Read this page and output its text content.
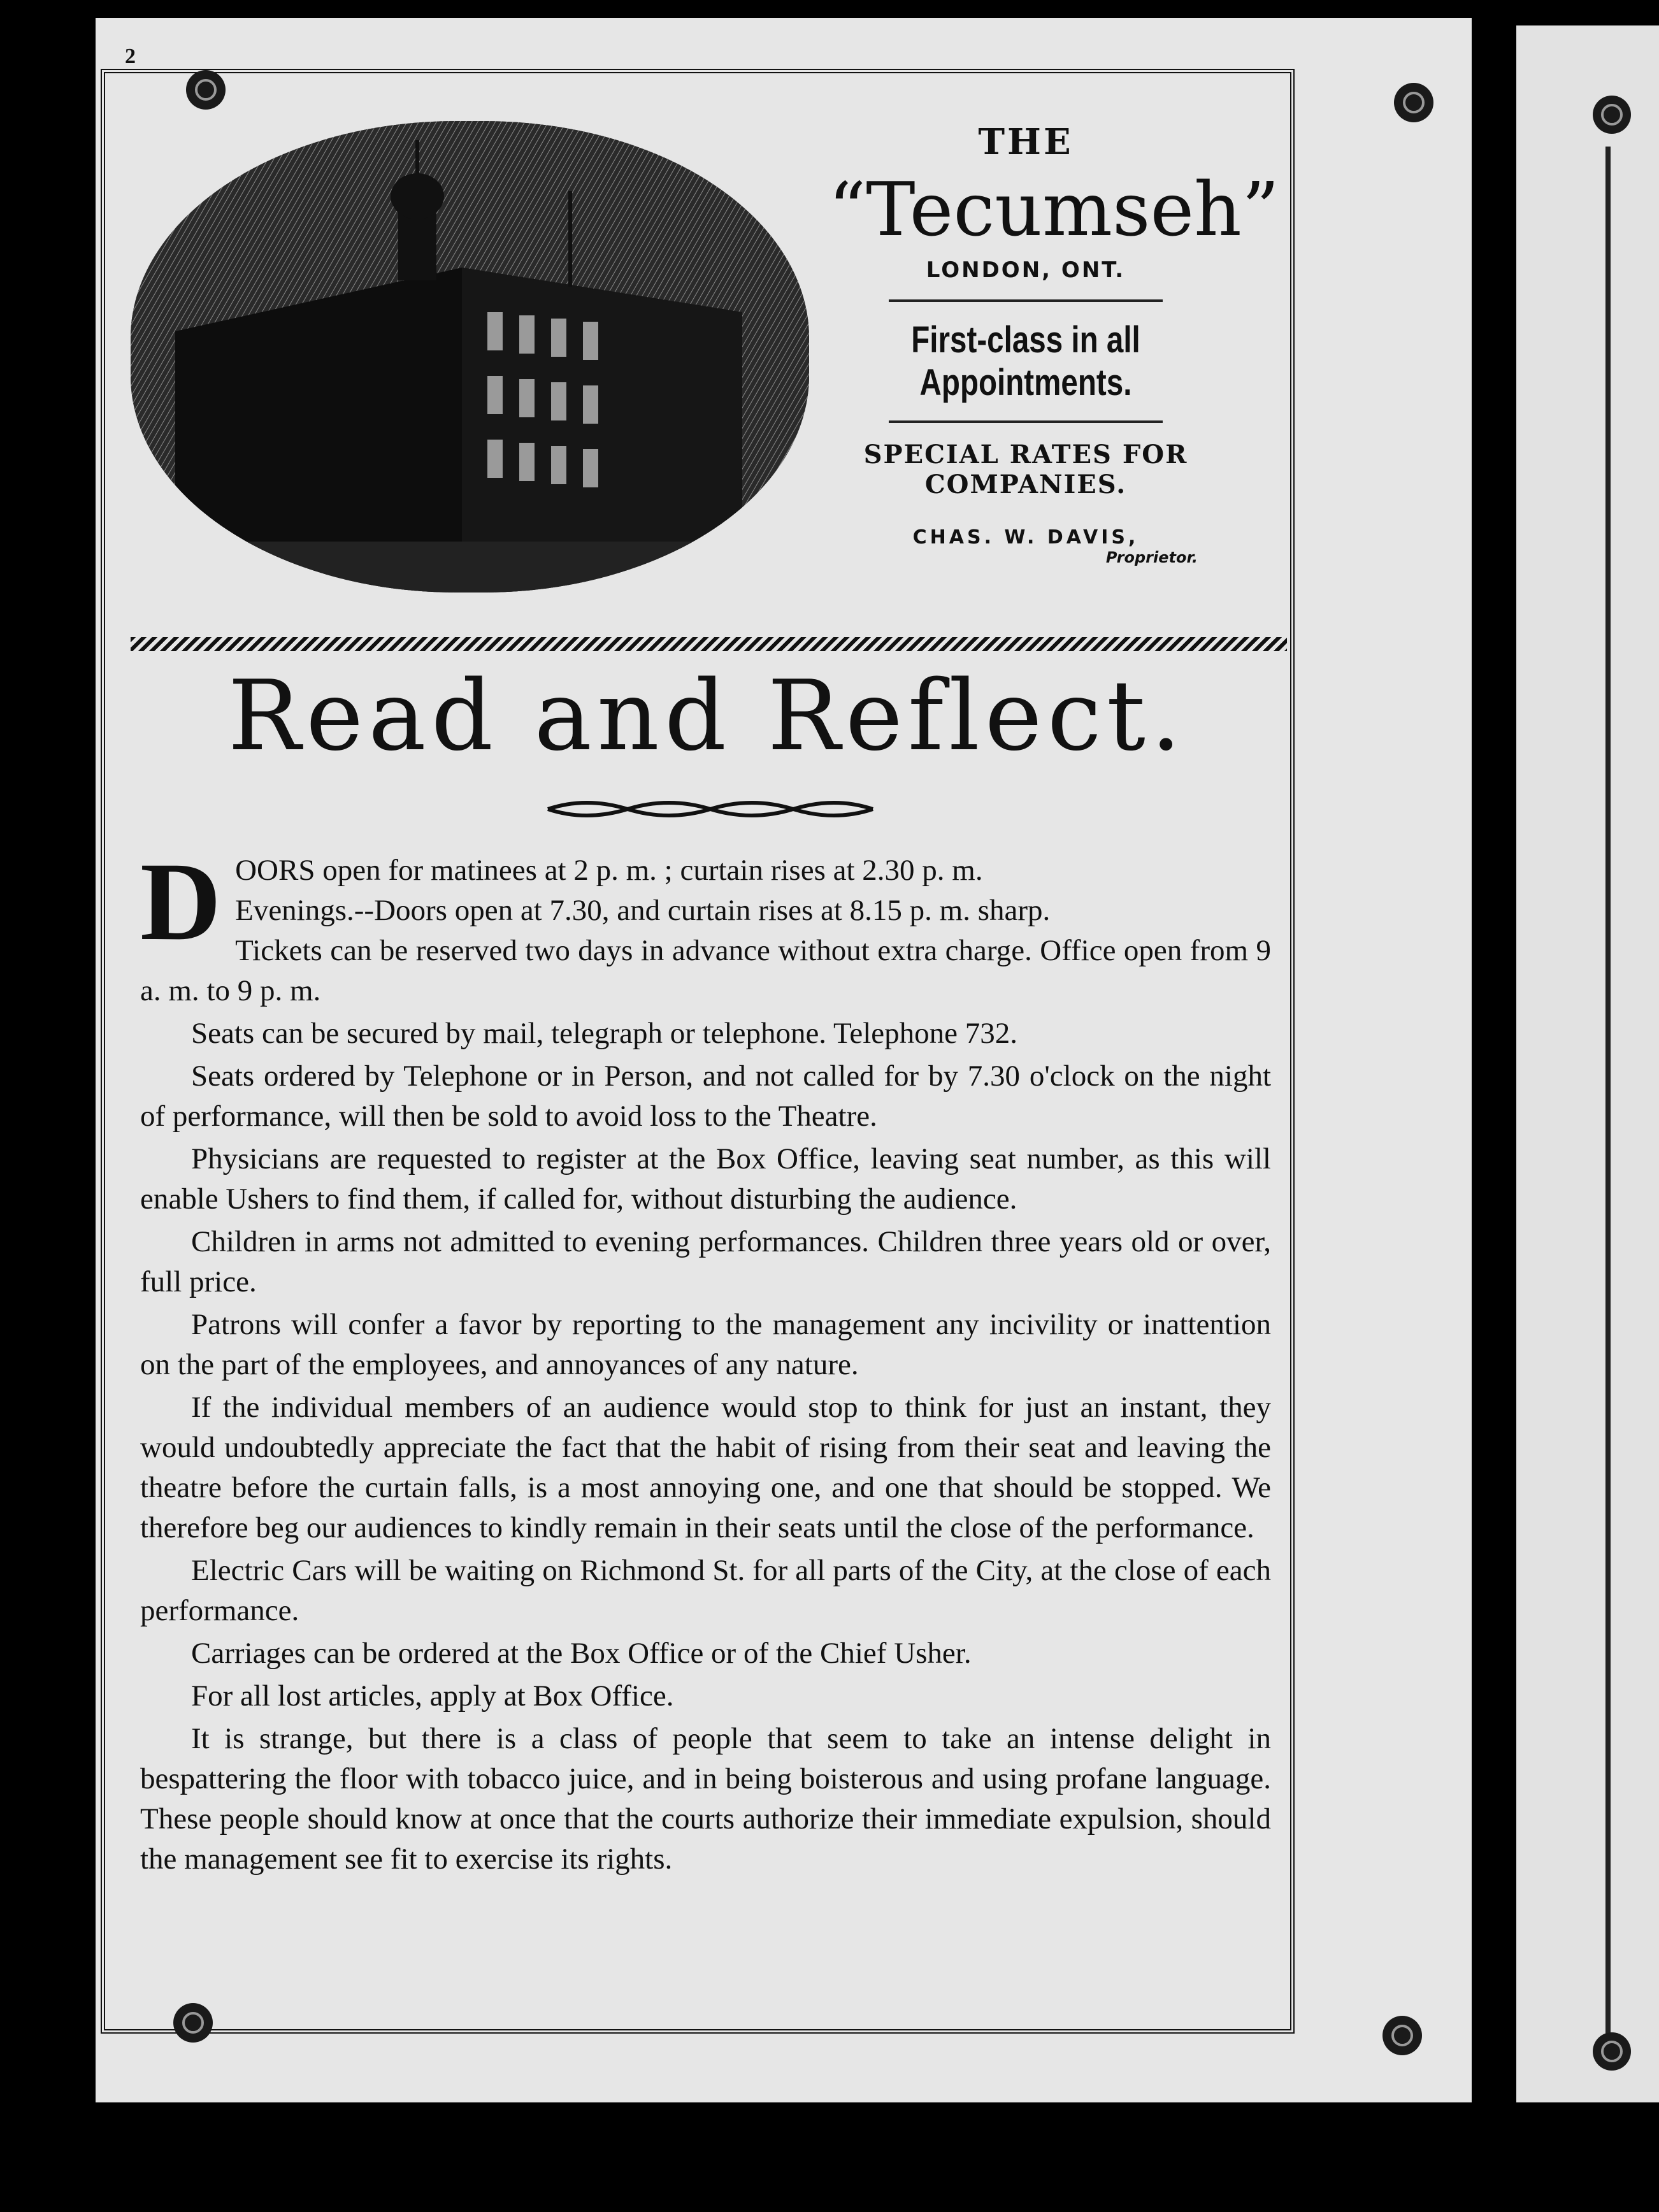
2
THE
“Tecumseh”
LONDON, ONT.
First-class in all Appointments.
SPECIAL RATES FOR COMPANIES.
CHAS. W. DAVIS,
Proprietor.
Read and Reflect.

D OORS open for matinees at 2 p. m. ; curtain rises at 2.30 p. m.
Evenings.--Doors open at 7.30, and curtain rises at 8.15 p. m. sharp.
Tickets can be reserved two days in advance without extra charge. Office open from 9 a. m. to 9 p. m.

Seats can be secured by mail, telegraph or telephone. Telephone 732.

Seats ordered by Telephone or in Person, and not called for by 7.30 o'clock on the night of performance, will then be sold to avoid loss to the Theatre.

Physicians are requested to register at the Box Office, leaving seat number, as this will enable Ushers to find them, if called for, without disturbing the audience.

Children in arms not admitted to evening performances. Children three years old or over, full price.

Patrons will confer a favor by reporting to the management any incivility or inattention on the part of the employees, and annoyances of any nature.

If the individual members of an audience would stop to think for just an instant, they would undoubtedly appreciate the fact that the habit of rising from their seat and leaving the theatre before the curtain falls, is a most annoying one, and one that should be stopped. We therefore beg our audiences to kindly remain in their seats until the close of the performance.

Electric Cars will be waiting on Richmond St. for all parts of the City, at the close of each performance.

Carriages can be ordered at the Box Office or of the Chief Usher.

For all lost articles, apply at Box Office.

It is strange, but there is a class of people that seem to take an intense delight in bespattering the floor with tobacco juice, and in being boisterous and using profane language. These people should know at once that the courts authorize their immediate expulsion, should the management see fit to exercise its rights.
